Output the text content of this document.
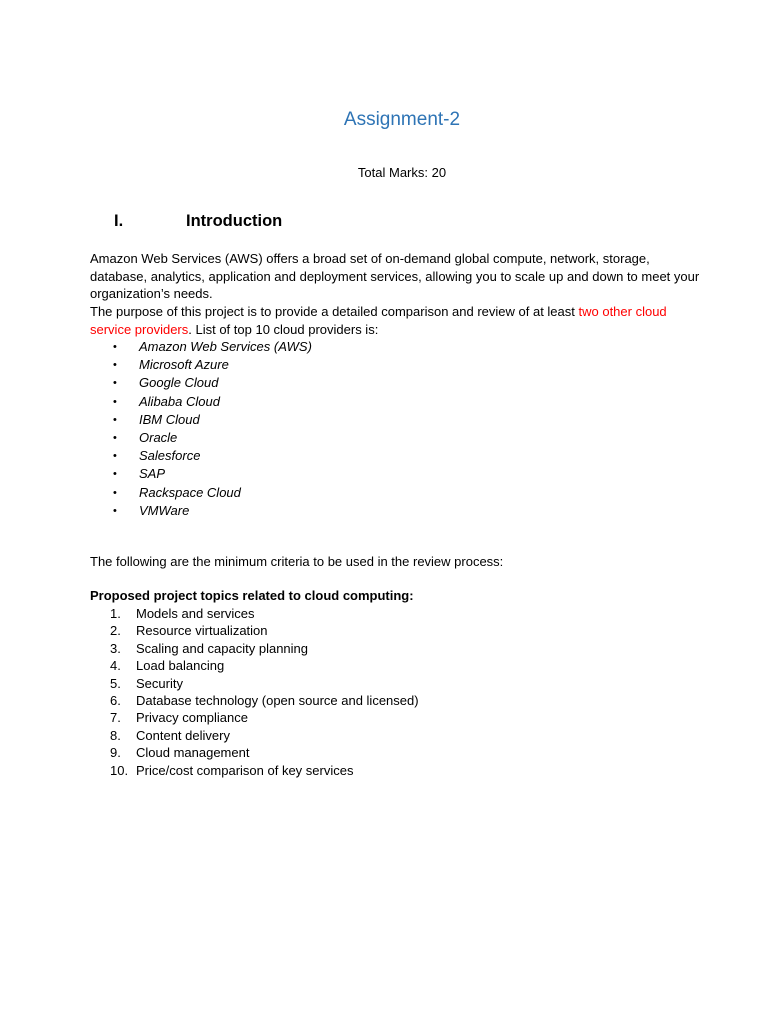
Assignment-2
Total Marks: 20
I.	Introduction
Amazon Web Services (AWS) offers a broad set of on-demand global compute, network, storage, database, analytics, application and deployment services, allowing you to scale up and down to meet your organization’s needs.
The purpose of this project is to provide a detailed comparison and review of at least two other cloud service providers. List of top 10 cloud providers is:
•	Amazon Web Services (AWS)
•	Microsoft Azure
•	Google Cloud
•	Alibaba Cloud
•	IBM Cloud
•	Oracle
•	Salesforce
•	SAP
•	Rackspace Cloud
•	VMWare
The following are the minimum criteria to be used in the review process:
Proposed project topics related to cloud computing:
1.	Models and services
2.	Resource virtualization
3.	Scaling and capacity planning
4.	Load balancing
5.	Security
6.	Database technology (open source and licensed)
7.	Privacy compliance
8.	Content delivery
9.	Cloud management
10. Price/cost comparison of key services
